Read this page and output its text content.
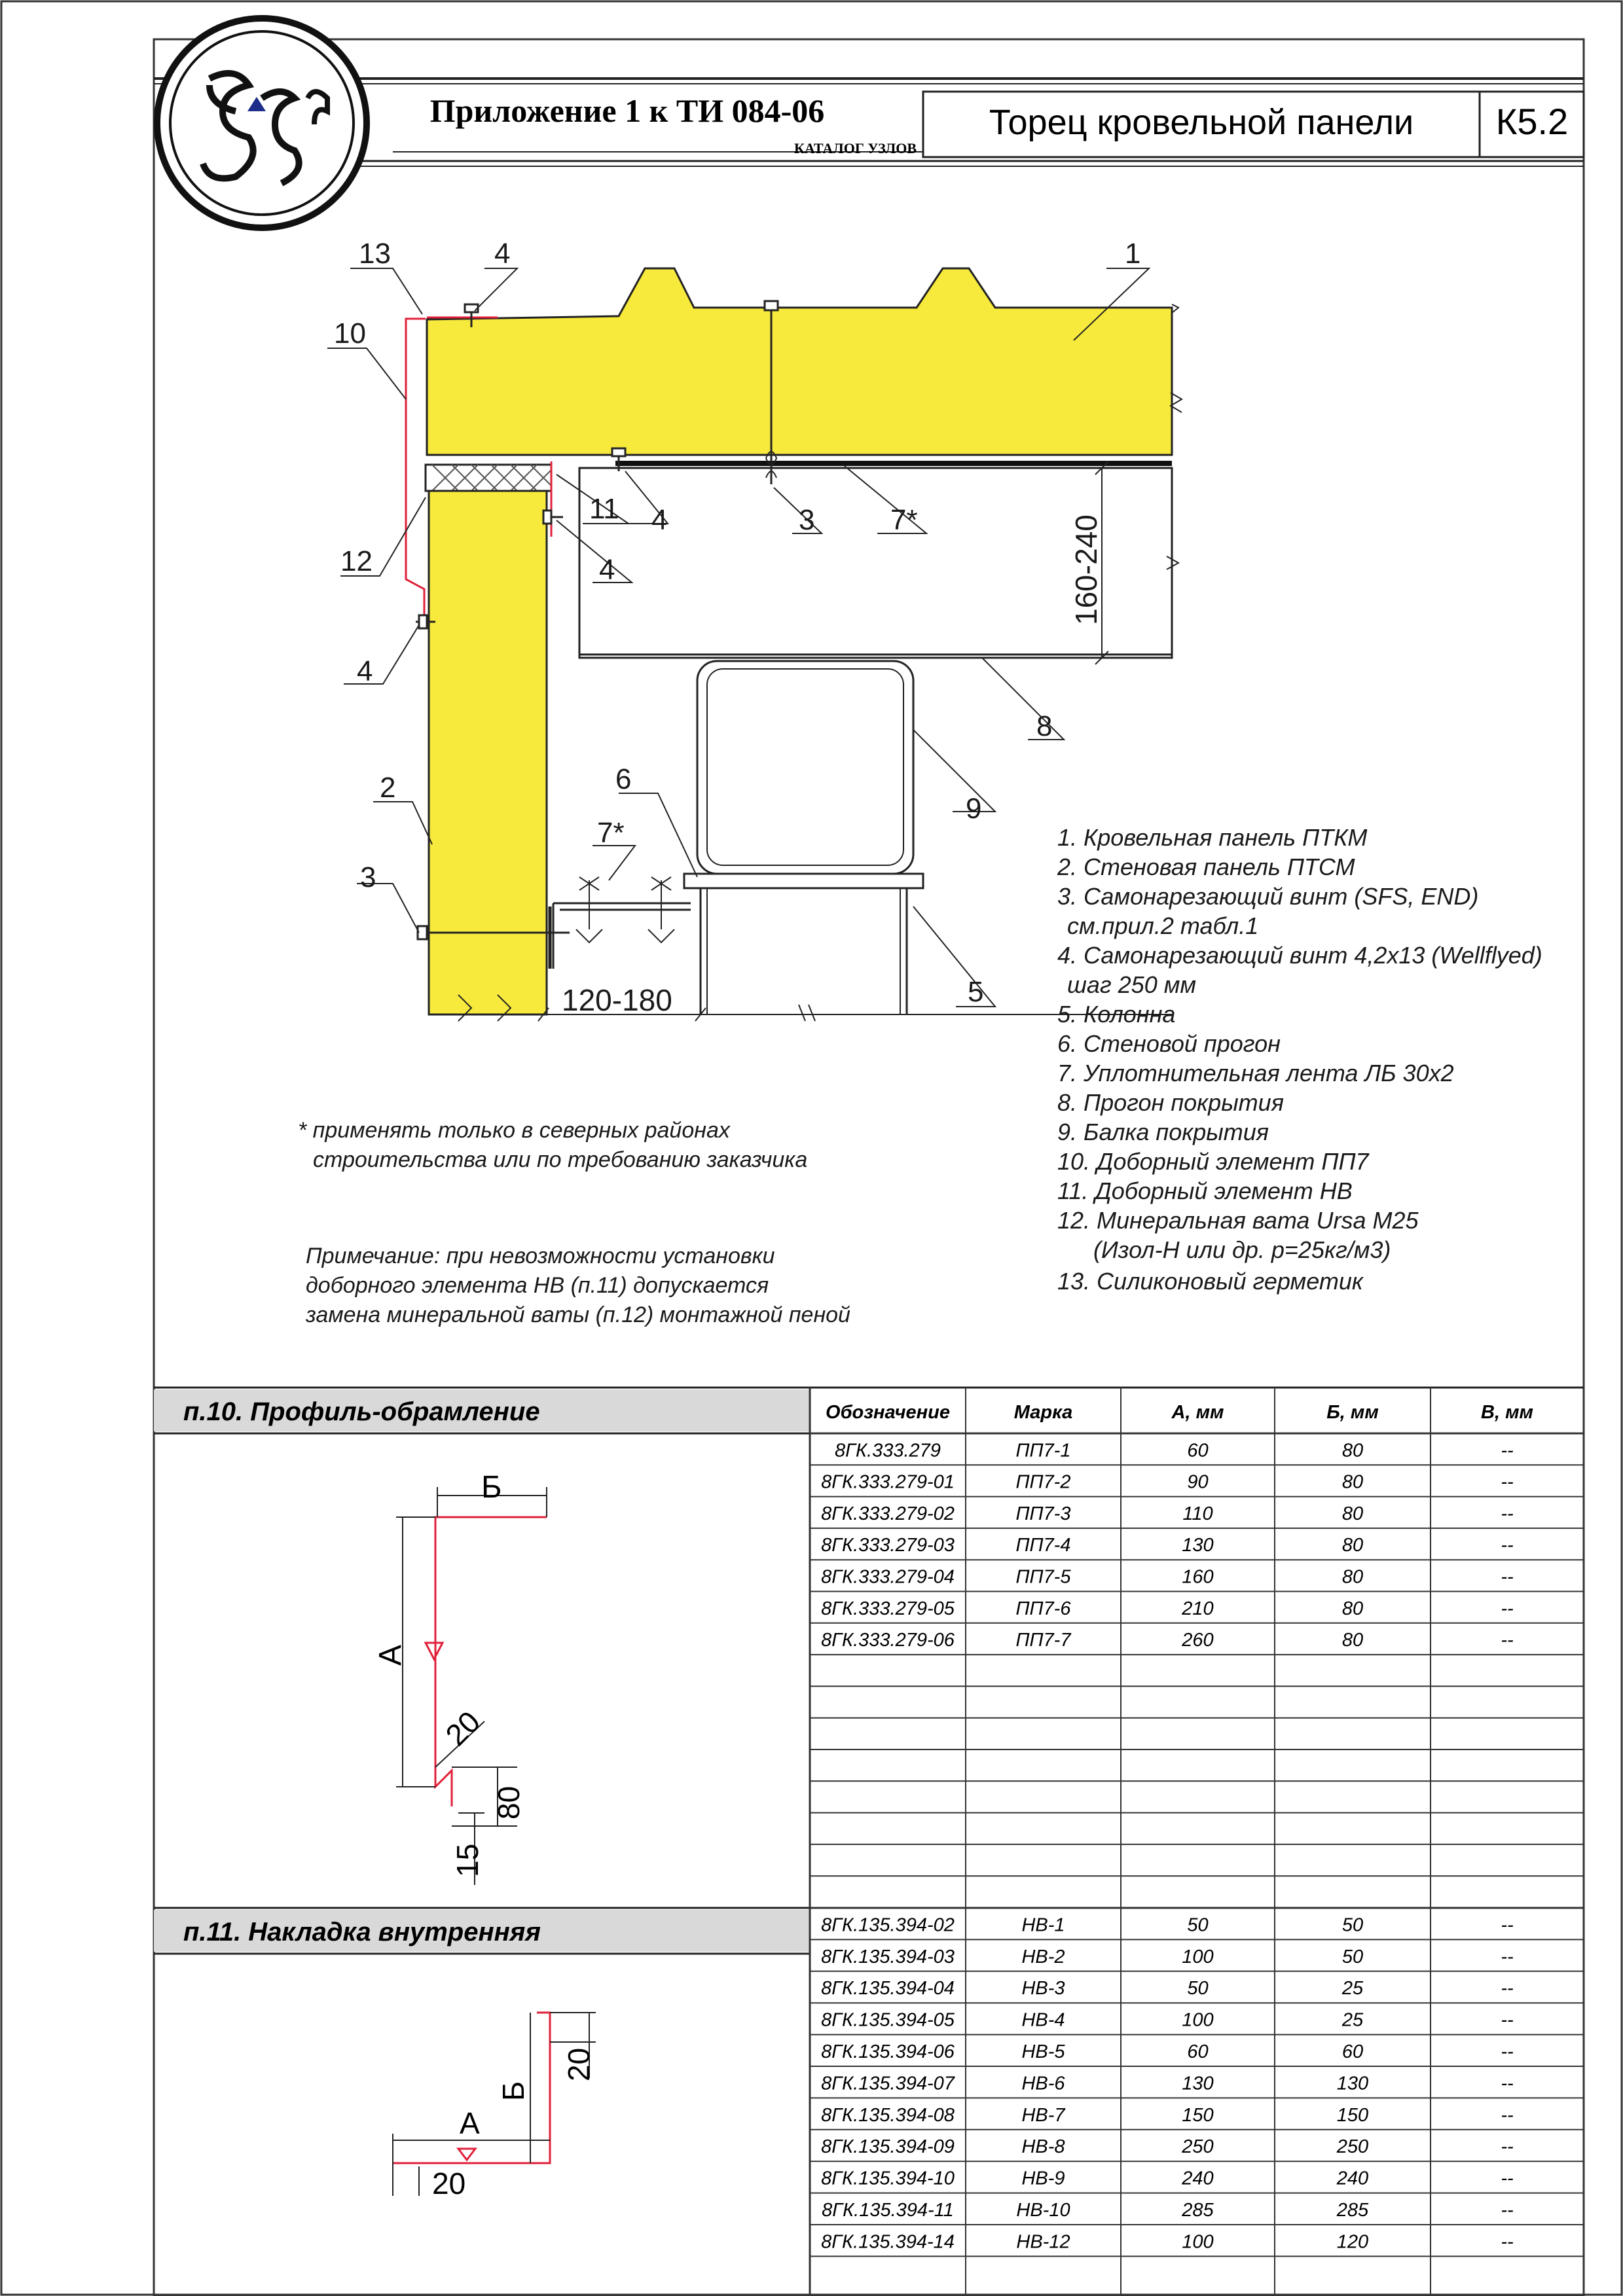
SFS
Приложение 1 к ТИ 084-06
КАТАЛОГ УЗЛОВ
Торец кровельной панели К5.2
13	4	1
10
11 4	3	7*
12	4	160-240
4
8
6
2
9
7*
3
5
120-180
1. Кровельная панель ПТКМ
2. Стеновая панель ПТСМ
3. Самонарезающий винт (SFS, END)
см.прил.2 табл.1
4. Самонарезающий винт 4,2х13 (Wellflyed)
шаг 250 мм
5. Колонна
6. Стеновой прогон
7. Уплотнительная лента ЛБ 30х2
8. Прогон покрытия
9. Балка покрытия
10. Доборный элемент ПП7
11. Доборный элемент НВ
12. Минеральная вата Ursa M25
(Изол-Н или др. p=25кг/м3)
13. Силиконовый герметик
* применять только в северных районах
строительства или по требованию заказчика
Примечание: при невозможности установки
доборного элемента НВ (п.11) допускается
замена минеральной ваты (п.12) монтажной пеной
п.10. Профиль-обрамление
п.11. Накладка внутренняя
Б
А
20
80
15
А
Б
20
20
Обозначение	Марка	А, мм	Б, мм	В, мм
8ГК.333.279	ПП7-1	60	80	--
8ГК.333.279-01	ПП7-2	90	80	--
8ГК.333.279-02	ПП7-3	110	80	--
8ГК.333.279-03	ПП7-4	130	80	--
8ГК.333.279-04	ПП7-5	160	80	--
8ГК.333.279-05	ПП7-6	210	80	--
8ГК.333.279-06	ПП7-7	260	80	--
8ГК.135.394-02	НВ-1	50	50	--
8ГК.135.394-03	НВ-2	100	50	--
8ГК.135.394-04	НВ-3	50	25	--
8ГК.135.394-05	НВ-4	100	25	--
8ГК.135.394-06	НВ-5	60	60	--
8ГК.135.394-07	НВ-6	130	130	--
8ГК.135.394-08	НВ-7	150	150	--
8ГК.135.394-09	НВ-8	250	250	--
8ГК.135.394-10	НВ-9	240	240	--
8ГК.135.394-11	НВ-10	285	285	--
8ГК.135.394-14	НВ-12	100	120	--
